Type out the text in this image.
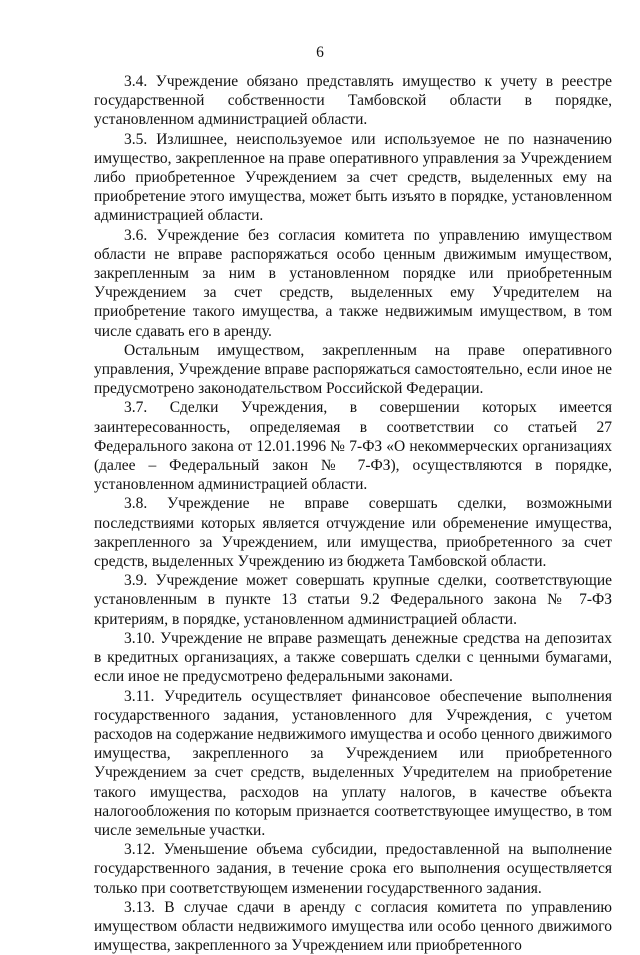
6

3.4. Учреждение обязано представлять имущество к учету в реестре государственной собственности Тамбовской области в порядке, установленном администрацией области.

3.5. Излишнее, неиспользуемое или используемое не по назначению имущество, закрепленное на праве оперативного управления за Учреждением либо приобретенное Учреждением за счет средств, выделенных ему на приобретение этого имущества, может быть изъято в порядке, установленном администрацией области.

3.6. Учреждение без согласия комитета по управлению имуществом области не вправе распоряжаться особо ценным движимым имуществом, закрепленным за ним в установленном порядке или приобретенным Учреждением за счет средств, выделенных ему Учредителем на приобретение такого имущества, а также недвижимым имуществом, в том числе сдавать его в аренду.

Остальным имуществом, закрепленным на праве оперативного управления, Учреждение вправе распоряжаться самостоятельно, если иное не предусмотрено законодательством Российской Федерации.

3.7. Сделки Учреждения, в совершении которых имеется заинтересованность, определяемая в соответствии со статьей 27 Федерального закона от 12.01.1996 № 7-ФЗ «О некоммерческих организациях (далее – Федеральный закон № 7-ФЗ), осуществляются в порядке, установленном администрацией области.

3.8. Учреждение не вправе совершать сделки, возможными последствиями которых является отчуждение или обременение имущества, закрепленного за Учреждением, или имущества, приобретенного за счет средств, выделенных Учреждению из бюджета Тамбовской области.

3.9. Учреждение может совершать крупные сделки, соответствующие установленным в пункте 13 статьи 9.2 Федерального закона № 7-ФЗ критериям, в порядке, установленном администрацией области.

3.10. Учреждение не вправе размещать денежные средства на депозитах в кредитных организациях, а также совершать сделки с ценными бумагами, если иное не предусмотрено федеральными законами.

3.11. Учредитель осуществляет финансовое обеспечение выполнения государственного задания, установленного для Учреждения, с учетом расходов на содержание недвижимого имущества и особо ценного движимого имущества, закрепленного за Учреждением или приобретенного Учреждением за счет средств, выделенных Учредителем на приобретение такого имущества, расходов на уплату налогов, в качестве объекта налогообложения по которым признается соответствующее имущество, в том числе земельные участки.

3.12. Уменьшение объема субсидии, предоставленной на выполнение государственного задания, в течение срока его выполнения осуществляется только при соответствующем изменении государственного задания.

3.13. В случае сдачи в аренду с согласия комитета по управлению имуществом области недвижимого имущества или особо ценного движимого имущества, закрепленного за Учреждением или приобретенного
